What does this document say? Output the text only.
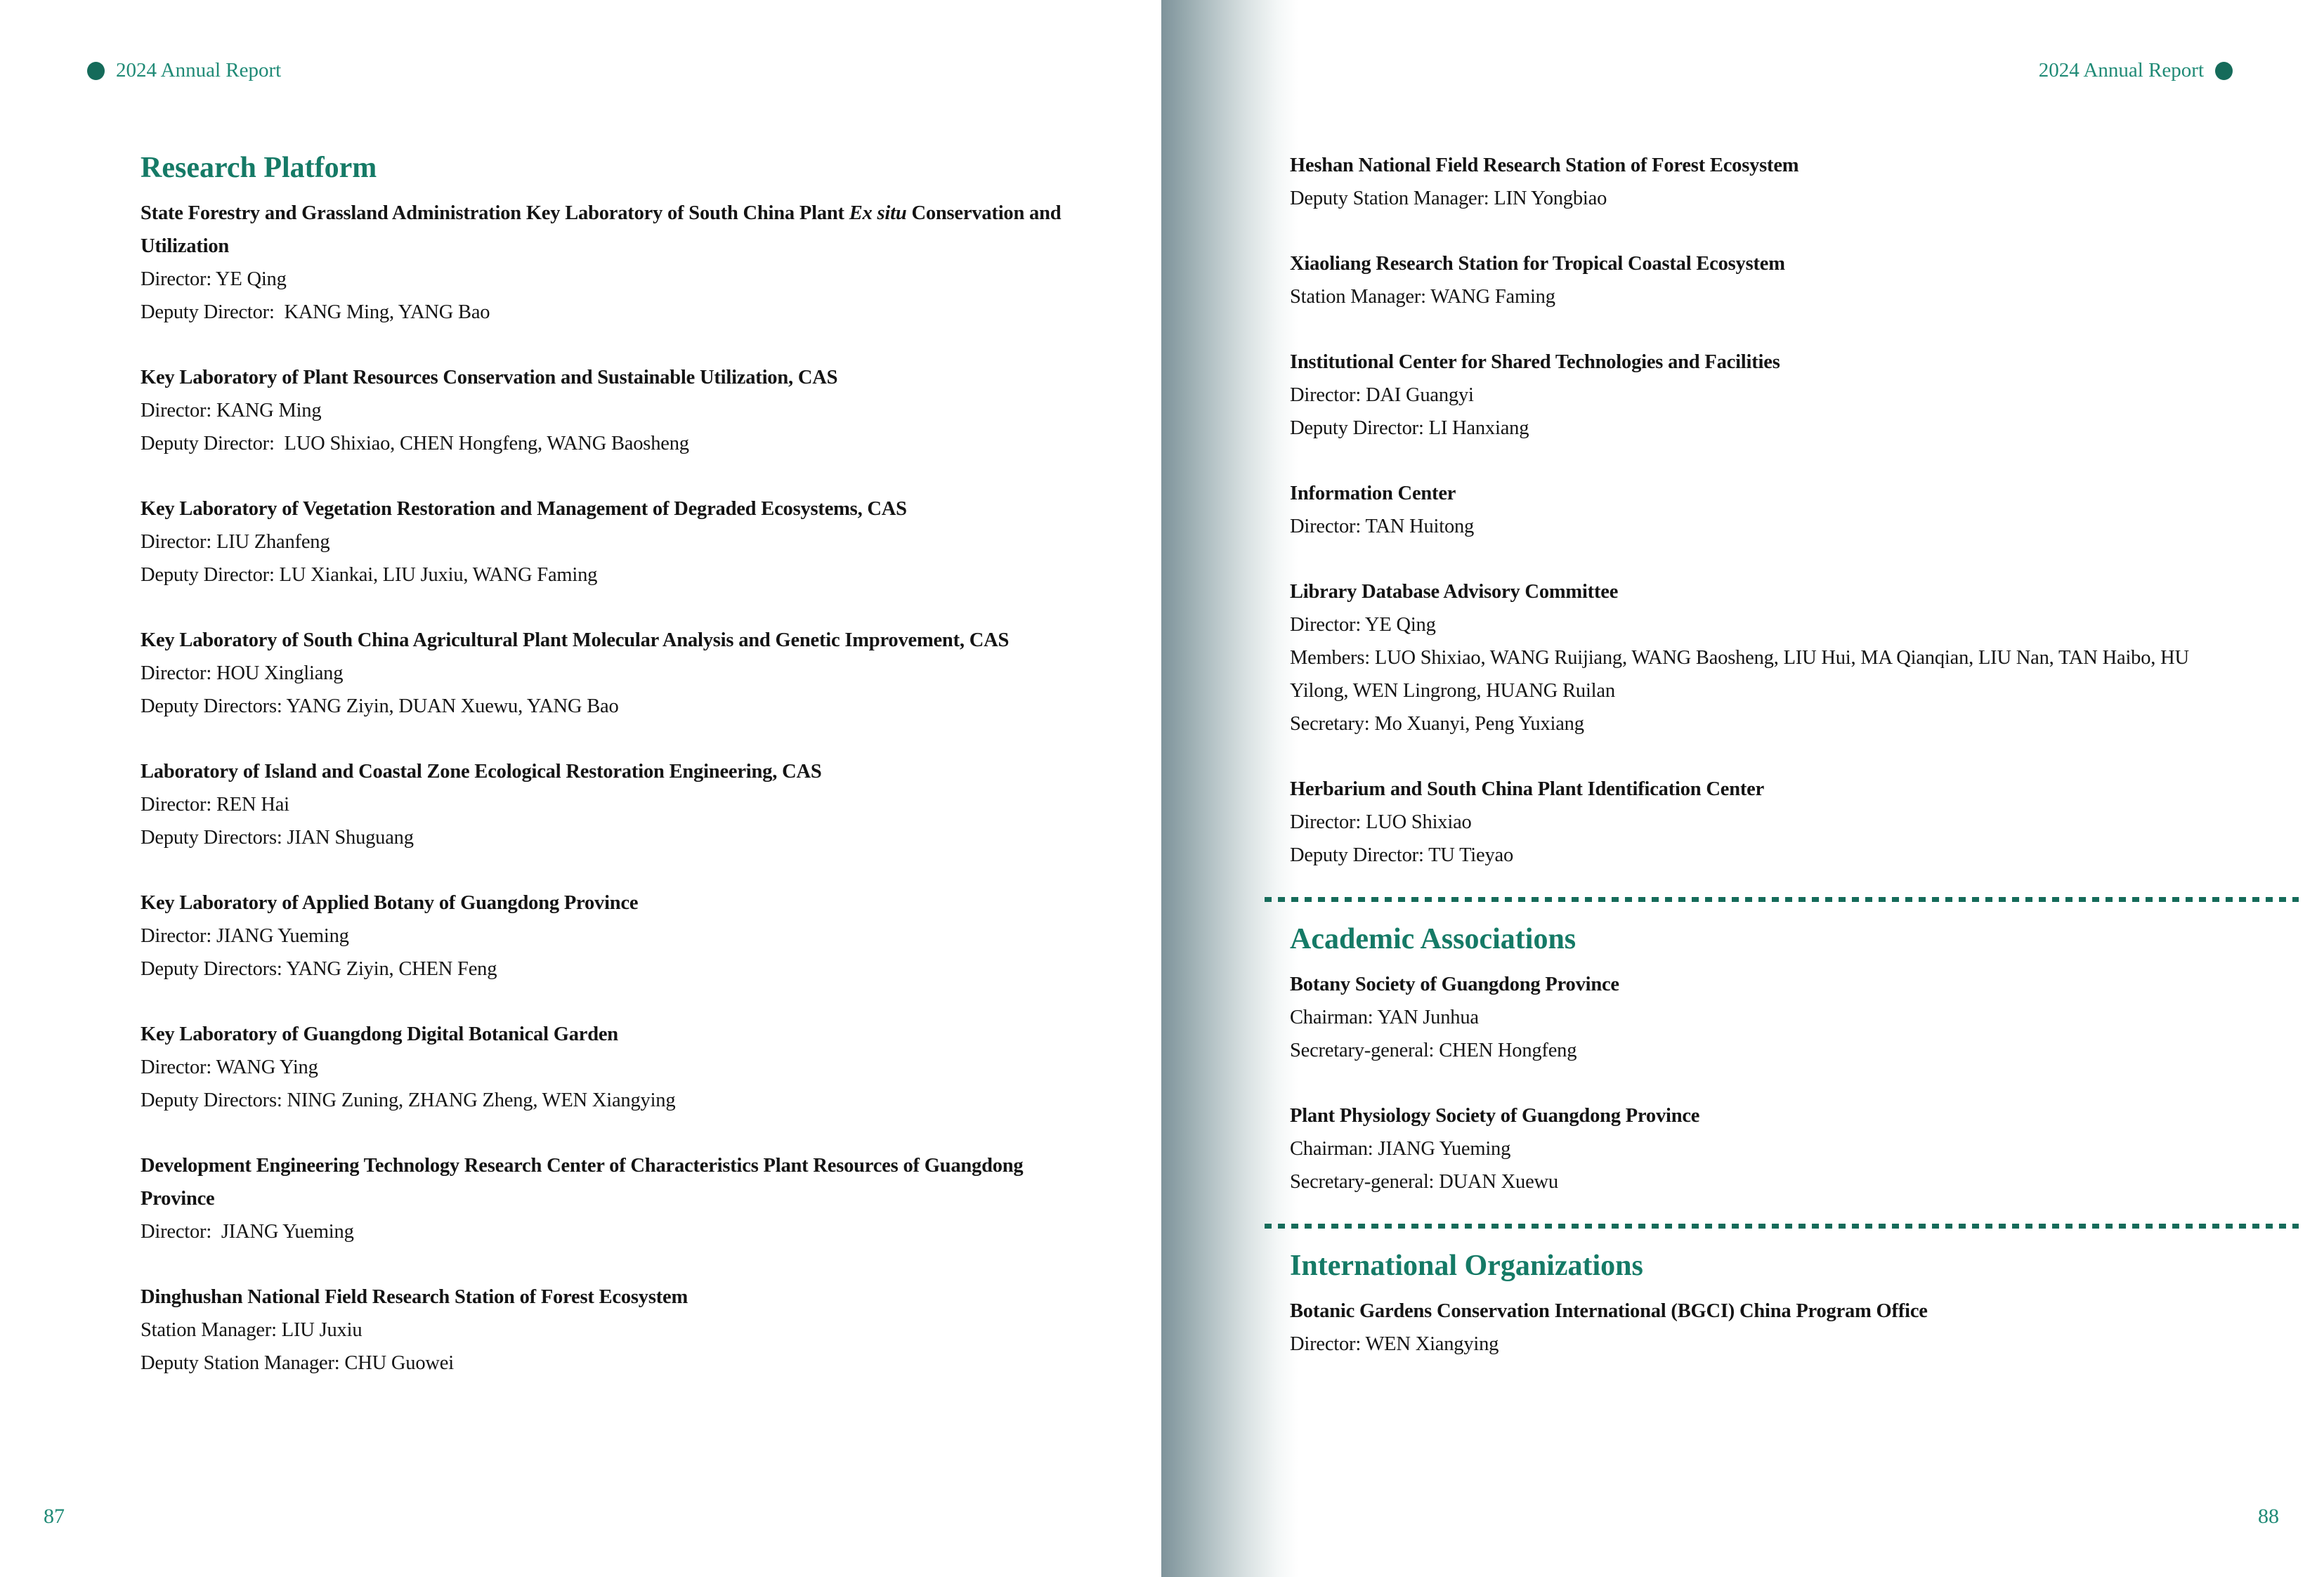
2024 Annual Report
Research Platform
State Forestry and Grassland Administration Key Laboratory of South China Plant Ex situ Conservation and Utilization
Director: YE Qing
Deputy Director:  KANG Ming, YANG Bao
Key Laboratory of Plant Resources Conservation and Sustainable Utilization, CAS
Director: KANG Ming
Deputy Director:  LUO Shixiao, CHEN Hongfeng, WANG Baosheng
Key Laboratory of Vegetation Restoration and Management of Degraded Ecosystems, CAS
Director: LIU Zhanfeng
Deputy Director: LU Xiankai, LIU Juxiu, WANG Faming
Key Laboratory of South China Agricultural Plant Molecular Analysis and Genetic Improvement, CAS
Director: HOU Xingliang
Deputy Directors: YANG Ziyin, DUAN Xuewu, YANG Bao
Laboratory of Island and Coastal Zone Ecological Restoration Engineering, CAS
Director: REN Hai
Deputy Directors: JIAN Shuguang
Key Laboratory of Applied Botany of Guangdong Province
Director: JIANG Yueming
Deputy Directors: YANG Ziyin, CHEN Feng
Key Laboratory of Guangdong Digital Botanical Garden
Director: WANG Ying
Deputy Directors: NING Zuning, ZHANG Zheng, WEN Xiangying
Development Engineering Technology Research Center of Characteristics Plant Resources of Guangdong Province
Director:  JIANG Yueming
Dinghushan National Field Research Station of Forest Ecosystem
Station Manager: LIU Juxiu
Deputy Station Manager: CHU Guowei
87
2024 Annual Report
Heshan National Field Research Station of Forest Ecosystem
Deputy Station Manager: LIN Yongbiao
Xiaoliang Research Station for Tropical Coastal Ecosystem
Station Manager: WANG Faming
Institutional Center for Shared Technologies and Facilities
Director: DAI Guangyi
Deputy Director: LI Hanxiang
Information Center
Director: TAN Huitong
Library Database Advisory Committee
Director: YE Qing
Members: LUO Shixiao, WANG Ruijiang, WANG Baosheng, LIU Hui, MA Qianqian, LIU Nan, TAN Haibo, HU Yilong, WEN Lingrong, HUANG Ruilan
Secretary: Mo Xuanyi, Peng Yuxiang
Herbarium and South China Plant Identification Center
Director: LUO Shixiao
Deputy Director: TU Tieyao
Academic Associations
Botany Society of Guangdong Province
Chairman: YAN Junhua
Secretary-general: CHEN Hongfeng
Plant Physiology Society of Guangdong Province
Chairman: JIANG Yueming
Secretary-general: DUAN Xuewu
International Organizations
Botanic Gardens Conservation International (BGCI) China Program Office
Director: WEN Xiangying
88
